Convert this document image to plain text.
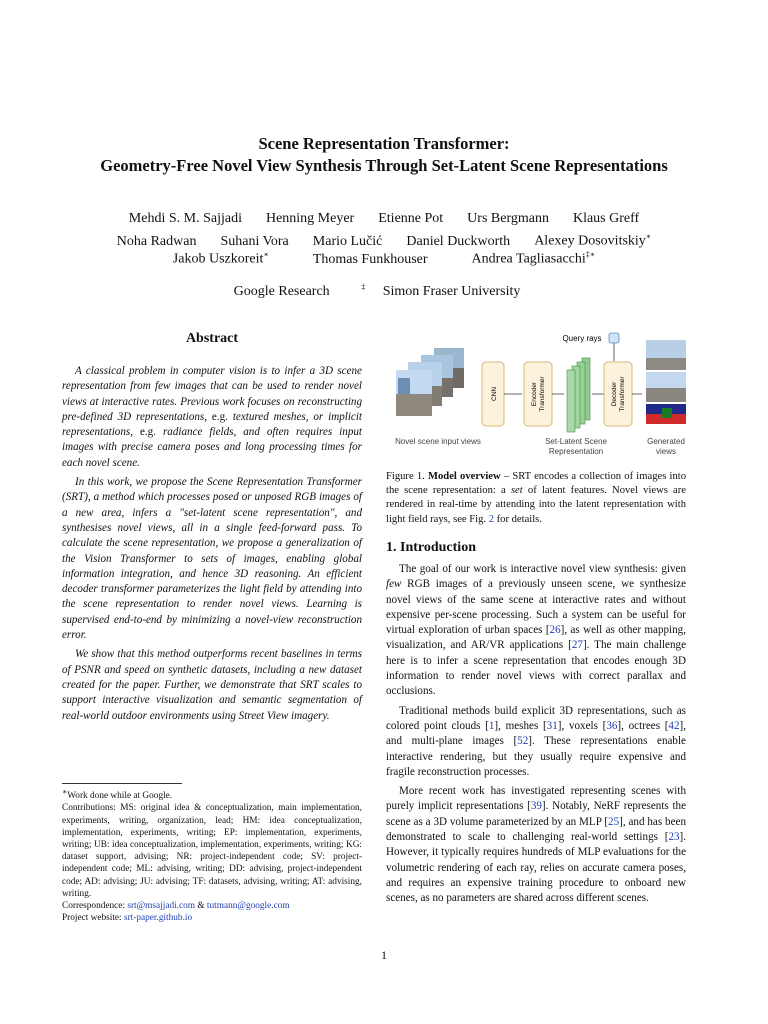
Scene Representation Transformer:
Geometry-Free Novel View Synthesis Through Set-Latent Scene Representations
Mehdi S. M. Sajjadi Henning Meyer Etienne Pot Urs Bergmann Klaus Greff
Noha Radwan Suhani Vora Mario Lučić Daniel Duckworth Alexey Dosovitskiy∗
Jakob Uszkoreit∗	Thomas Funkhouser	Andrea Tagliasacchi‡∗
Google Research	‡ Simon Fraser University
Abstract

A classical problem in computer vision is to infer a 3D scene representation from few images that can be used to render novel views at interactive rates. Previous work focuses on reconstructing pre-defined 3D representations, e.g. textured meshes, or implicit representations, e.g. radiance fields, and often requires input images with precise camera poses and long processing times for each novel scene.

In this work, we propose the Scene Representation Transformer (SRT), a method which processes posed or unposed RGB images of a new area, infers a "set-latent scene representation", and synthesises novel views, all in a single feed-forward pass. To calculate the scene representation, we propose a generalization of the Vision Transformer to sets of images, enabling global information integration, and hence 3D reasoning. An efficient decoder transformer parameterizes the light field by attending into the scene representation to render novel views. Learning is supervised end-to-end by minimizing a novel-view reconstruction error.

We show that this method outperforms recent baselines in terms of PSNR and speed on synthetic datasets, including a new dataset created for the paper. Further, we demonstrate that SRT scales to support interactive visualization and semantic segmentation of real-world outdoor environments using Street View imagery.

∗Work done while at Google.

Contributions: MS: original idea & conceptualization, main implementation, experiments, writing, organization, lead; HM: idea conceptualization, implementation, experiments, writing; EP: implementation, experiments, writing; UB: idea conceptualization, implementation, experiments, writing; KG: dataset support, advising; NR: project-independent code; SV: project-independent code; ML: advising, writing; DD: advising, project-independent code; AD: advising; JU: advising; TF: datasets, advising, writing; AT: advising, writing.

Correspondence: srt@msajjadi.com & tutmann@google.com

Project website: srt-paper.github.io

CNN	Encoder Transformer	Decoder Transformer
Query rays
Novel scene input views	Set-Latent Scene Representation
Generated views
Figure 1. Model overview – SRT encodes a collection of images into the scene representation: a set of latent features. Novel views are rendered in real-time by attending into the latent representation with light field rays, see Fig. 2 for details.
1. Introduction

The goal of our work is interactive novel view synthesis: given few RGB images of a previously unseen scene, we synthesize novel views of the same scene at interactive rates and without expensive per-scene processing. Such a system can be useful for virtual exploration of urban spaces [26], as well as other mapping, visualization, and AR/VR applications [27]. The main challenge here is to infer a scene representation that encodes enough 3D information to render novel views with correct parallax and occlusions.

Traditional methods build explicit 3D representations, such as colored point clouds [1], meshes [31], voxels [36], octrees [42], and multi-plane images [52]. These representations enable interactive rendering, but they usually require expensive and fragile reconstruction processes.

More recent work has investigated representing scenes with purely implicit representations [39]. Notably, NeRF represents the scene as a 3D volume parameterized by an MLP [25], and has been demonstrated to scale to challenging real-world settings [23]. However, it typically requires hundreds of MLP evaluations for the volumetric rendering of each ray, relies on accurate camera poses, and requires an expensive training procedure to onboard new scenes, as no parameters are shared across different scenes.

1
